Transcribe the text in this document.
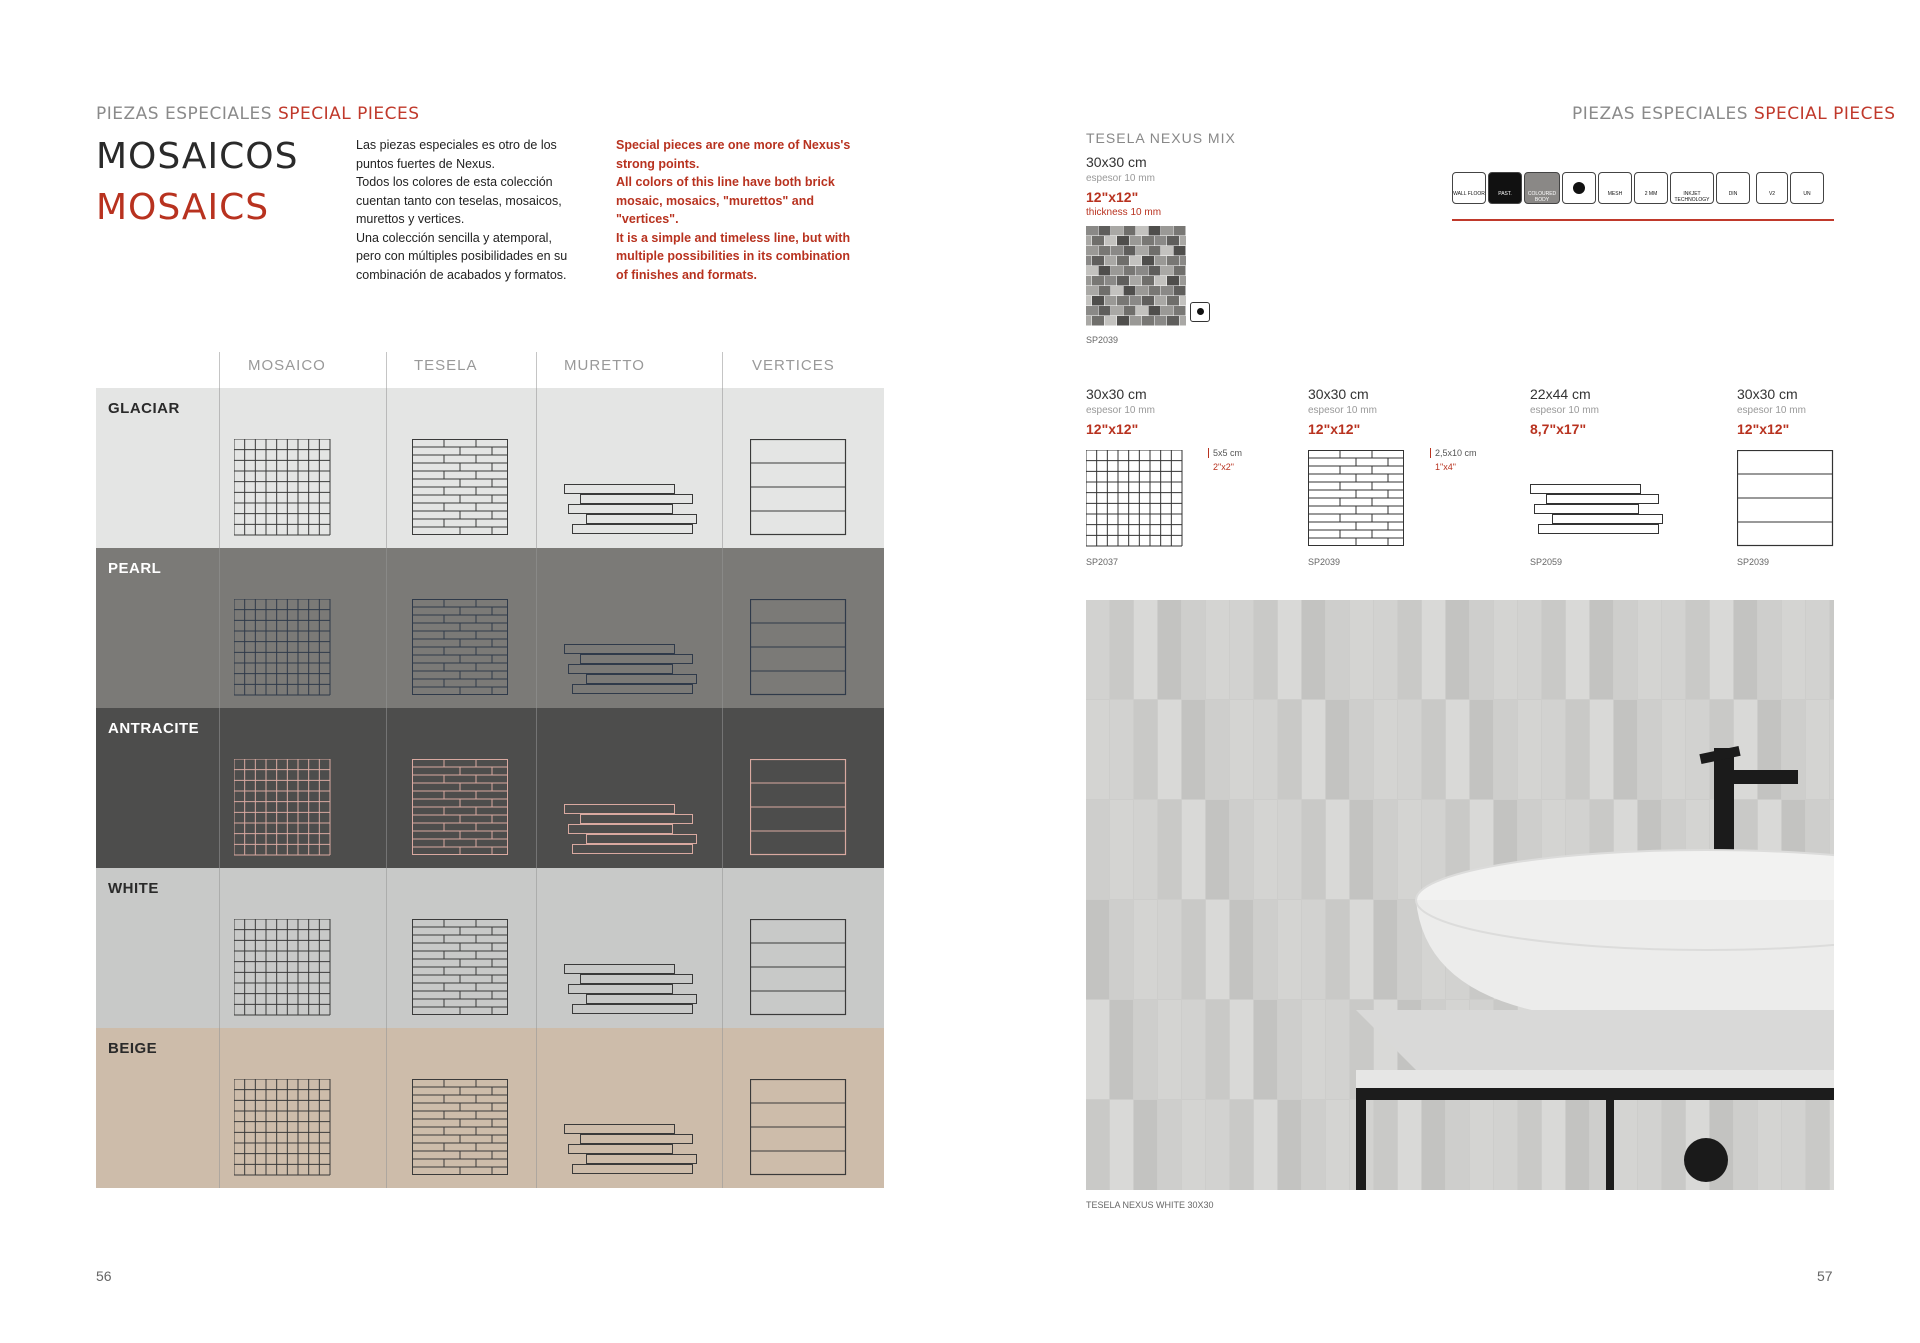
PIEZAS ESPECIALES SPECIAL PIECES
MOSAICOS
MOSAICS
Las piezas especiales es otro de los
puntos fuertes de Nexus.
Todos los colores de esta colección
cuentan tanto con teselas, mosaicos,
murettos y vertices.
Una colección sencilla y atemporal,
pero con múltiples posibilidades en su
combinación de acabados y formatos.
Special pieces are one more of Nexus's
strong points.
All colors of this line have both brick
mosaic, mosaics, "murettos" and
"vertices".
It is a simple and timeless line, but with
multiple possibilities in its combination
of finishes and formats.
MOSAICO	TESELA	MURETTO	VERTICES
GLACIAR
PEARL
ANTRACITE
WHITE
BEIGE
56
PIEZAS ESPECIALES SPECIAL PIECES
TESELA NEXUS MIX
30x30 cm
espesor 10 mm
12"x12"
thickness 10 mm
SP2039
WALL FLOOR	PAST.	COLOURED BODY
MESH	2 MM	INKJET TECHNOLOGY
DIN	V2	UN
30x30 cm
espesor 10 mm
12"x12"
SP2037
5x5 cm
2"x2"
30x30 cm
espesor 10 mm
12"x12"
SP2039
2,5x10 cm
1"x4"
22x44 cm
espesor 10 mm
8,7"x17"
SP2059
30x30 cm
espesor 10 mm
12"x12"
SP2039
TESELA NEXUS WHITE 30X30
57
